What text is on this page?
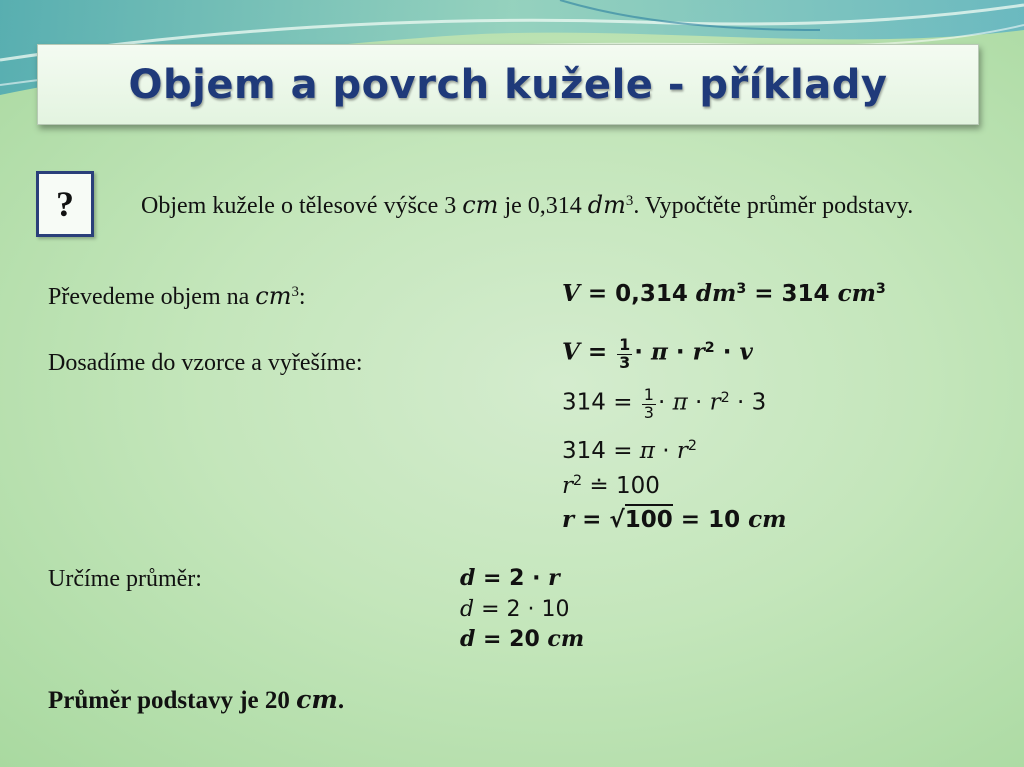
Objem a povrch kužele - příklady
?	Objem kužele o tělesové výšce 3 cm je 0,314 $dm^3$. Vypočtěte průměr podstavy.
Převedeme objem na $cm^3$:	V = 0,314 $dm^3 = 314$ $cm^3$
Dosadíme do vzorce a vyřešíme:	$V = \frac{1}{3} \cdot \pi \cdot r^2 \cdot v$
$314 = \frac{1}{3} \cdot \pi \cdot r^2 \cdot 3$
$314 = \pi \cdot r^2$
$r^2$ ≐ 100
r = √100 = 10 cm
Určíme průměr:	d = 2 · r
d = 2 · 10
d = 20 cm
Průměr podstavy je 20 cm.
